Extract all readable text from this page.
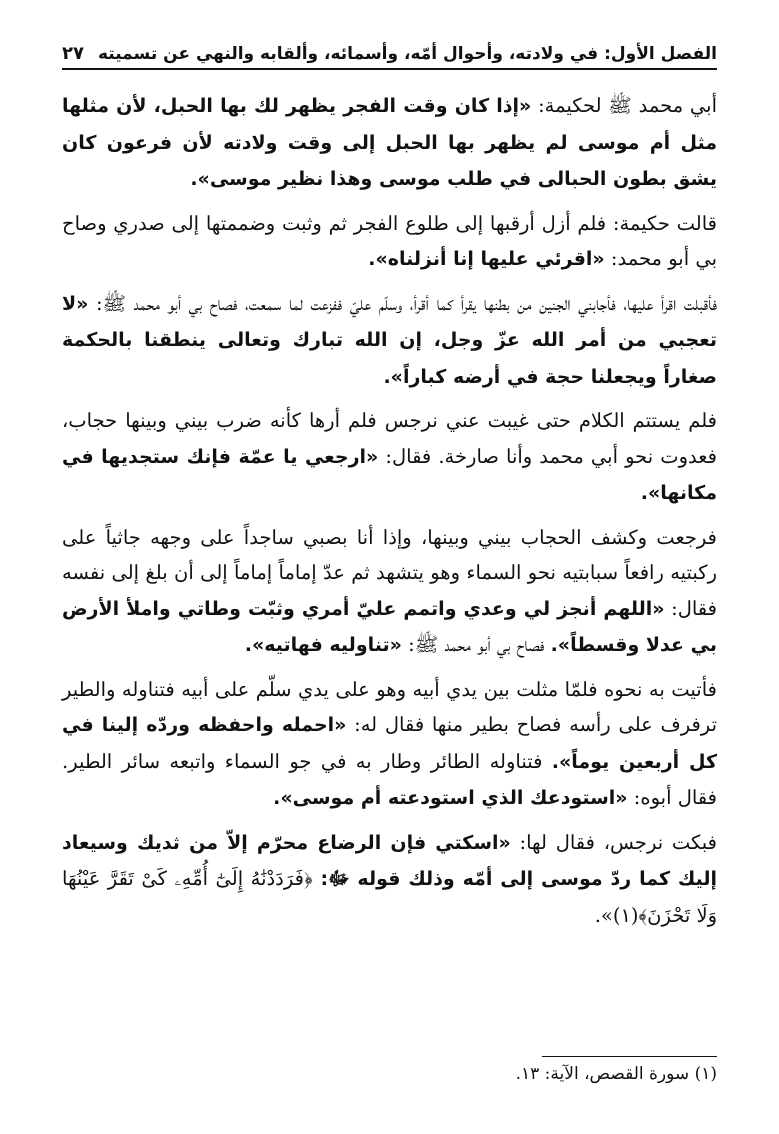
الفصل الأول: في ولادته، وأحوال أمّه، وأسمائه، وألقابه والنهي عن تسميته
٢٧

أبي محمد ﷺ لحكيمة: «إذا كان وقت الفجر يظهر لك بها الحبل، لأن مثلها مثل أم موسى لم يظهر بها الحبل إلى وقت ولادته لأن فرعون كان يشق بطون الحبالى في طلب موسى وهذا نظير موسى».

قالت حكيمة: فلم أزل أرقبها إلى طلوع الفجر ثم وثبت وضممتها إلى صدري وصاح بي أبو محمد: «اقرئي عليها إنا أنزلناه».

فأقبلت اقرأ عليها، فأجابني الجنين من بطنها يقرأ كما أقرأ، وسلّم عليّ ففزعت لما سمعت، فصاح بي أبو محمد ﷺ: «لا تعجبي من أمر الله عزّ وجل، إن الله تبارك وتعالى ينطقنا بالحكمة صغاراً ويجعلنا حجة في أرضه كباراً».

فلم يستتم الكلام حتى غيبت عني نرجس فلم أرها كأنه ضرب بيني وبينها حجاب، فعدوت نحو أبي محمد وأنا صارخة. فقال: «ارجعي يا عمّة فإنك ستجديها في مكانها».

فرجعت وكشف الحجاب بيني وبينها، وإذا أنا بصبي ساجداً على وجهه جاثياً على ركبتيه رافعاً سبابتيه نحو السماء وهو يتشهد ثم عدّ إماماً إماماً إلى أن بلغ إلى نفسه فقال: «اللهم أنجز لي وعدي واتمم عليّ أمري وثبّت وطاتي واملأ الأرض بي عدلا وقسطاً». فصاح بي أبو محمد ﷺ: «تناوليه فهاتيه».

فأتيت به نحوه فلمّا مثلت بين يدي أبيه وهو على يدي سلّم على أبيه فتناوله والطير ترفرف على رأسه فصاح بطير منها فقال له: «احمله واحفظه وردّه إلينا في كل أربعين يوماً». فتناوله الطائر وطار به في جو السماء واتبعه سائر الطير. فقال أبوه: «استودعك الذي استودعته أم موسى».

فبكت نرجس، فقال لها: «اسكتي فإن الرضاع محرّم إلاّ من ثديك وسيعاد إليك كما ردّ موسى إلى أمّه وذلك قوله ﷻ: ﴿فَرَدَدْنَٰهُ إِلَىٰٓ أُمِّهِۦ كَىْ تَقَرَّ عَيْنُهَا وَلَا تَحْزَنَ﴾(١)».

(١) سورة القصص، الآية: ١٣.
